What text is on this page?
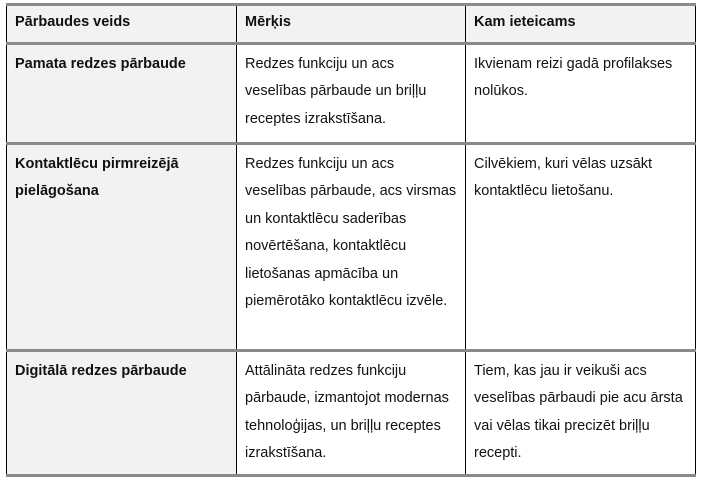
Pārbaudes veids	Mērķis	Kam ieteicams
Pamata redzes pārbaude	Redzes funkciju un acs veselības pārbaude un briļļu receptes izrakstīšana.	Ikvienam reizi gadā profilakses nolūkos.
Kontaktlēcu pirmreizējā pielāgošana	Redzes funkciju un acs veselības pārbaude, acs virsmas un kontaktlēcu saderības novērtēšana, kontaktlēcu lietošanas apmācība un piemērotāko kontaktlēcu izvēle.	Cilvēkiem, kuri vēlas uzsākt kontaktlēcu lietošanu.
Digitālā redzes pārbaude	Attālināta redzes funkciju pārbaude, izmantojot modernas tehnoloģijas, un briļļu receptes izrakstīšana.	Tiem, kas jau ir veikuši acs veselības pārbaudi pie acu ārsta vai vēlas tikai precizēt briļļu recepti.
